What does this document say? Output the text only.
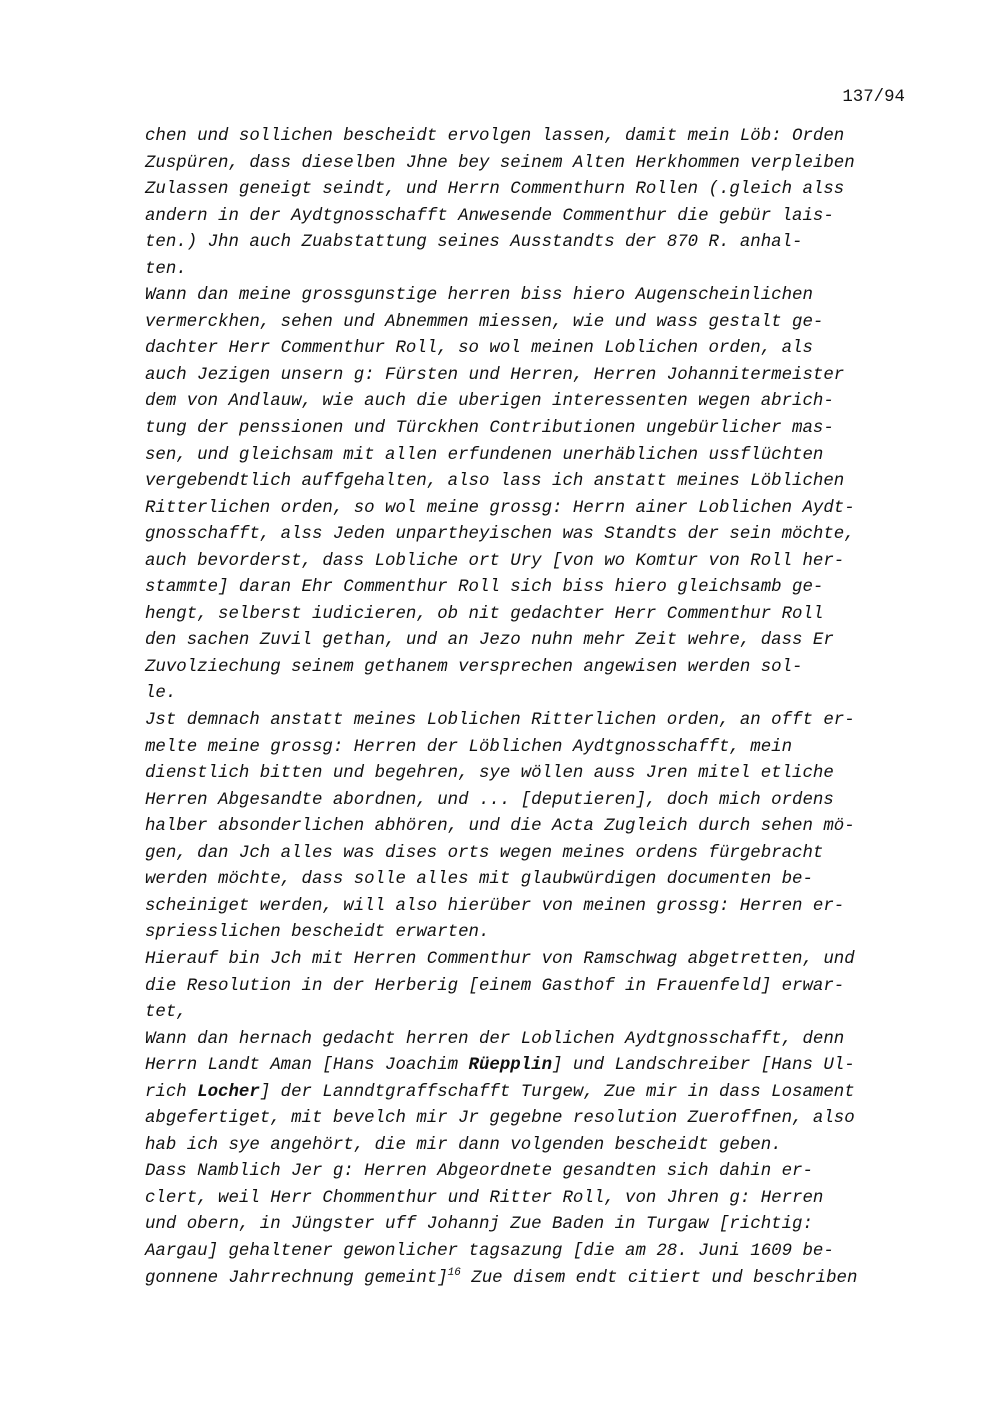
137/94
chen und sollichen bescheidt ervolgen lassen, damit mein Löb: Orden
Zuspüren, dass dieselben Jhne bey seinem Alten Herkhommen verpleiben
Zulassen geneigt seindt, und Herrn Commenthurn Rollen (.gleich alss
andern in der Aydtgnosschafft Anwesende Commenthur die gebür lais-
ten.) Jhn auch Zuabstattung seines Ausstandts der 870 R. anhal-
ten.
Wann dan meine grossgunstige herren biss hiero Augenscheinlichen
vermerckhen, sehen und Abnemmen miessen, wie und wass gestalt ge-
dachter Herr Commenthur Roll, so wol meinen Loblichen orden, als
auch Jezigen unsern g: Fürsten und Herren, Herren Johannitermeister
dem von Andlauw, wie auch die uberigen interessenten wegen abrich-
tung der penssionen und Türckhen Contributionen ungebürlicher mas-
sen, und gleichsam mit allen erfundenen unerhäblichen ussflüchten
vergebendtlich auffgehalten, also lass ich anstatt meines Löblichen
Ritterlichen orden, so wol meine grossg: Herrn ainer Loblichen Aydt-
gnosschafft, alss Jeden unpartheyischen was Standts der sein möchte,
auch bevorderst, dass Lobliche ort Ury [von wo Komtur von Roll her-
stammte] daran Ehr Commenthur Roll sich biss hiero gleichsamb ge-
hengt, selberst iudicieren, ob nit gedachter Herr Commenthur Roll
den sachen Zuvil gethan, und an Jezo nuhn mehr Zeit wehre, dass Er
Zuvolziechung seinem gethanem versprechen angewisen werden sol-
le.
Jst demnach anstatt meines Loblichen Ritterlichen orden, an offt er-
melte meine grossg: Herren der Löblichen Aydtgnosschafft, mein
dienstlich bitten und begehren, sye wöllen auss Jren mitel etliche
Herren Abgesandte abordnen, und ... [deputieren], doch mich ordens
halber absonderlichen abhören, und die Acta Zugleich durch sehen mö-
gen, dan Jch alles was dises orts wegen meines ordens fürgebracht
werden möchte, dass solle alles mit glaubwürdigen documenten be-
scheiniget werden, will also hierüber von meinen grossg: Herren er-
spriesslichen bescheidt erwarten.
Hierauf bin Jch mit Herren Commenthur von Ramschwag abgetretten, und
die Resolution in der Herberig [einem Gasthof in Frauenfeld] erwar-
tet,
Wann dan hernach gedacht herren der Loblichen Aydtgnosschafft, denn
Herrn Landt Aman [Hans Joachim Rüepplin] und Landschreiber [Hans Ul-
rich Locher] der Lanndtgraffschafft Turgew, Zue mir in dass Losament
abgefertiget, mit bevelch mir Jr gegebne resolution Zueroffnen, also
hab ich sye angehört, die mir dann volgenden bescheidt geben.
Dass Namblich Jer g: Herren Abgeordnete gesandten sich dahin er-
clert, weil Herr Chommenthur und Ritter Roll, von Jhren g: Herren
und obern, in Jüngster uff Johannj Zue Baden in Turgaw [richtig:
Aargau] gehaltener gewonlicher tagsazung [die am 28. Juni 1609 be-
gonnene Jahrrechnung gemeint]$^{16}$ Zue disem endt citiert und beschriben
